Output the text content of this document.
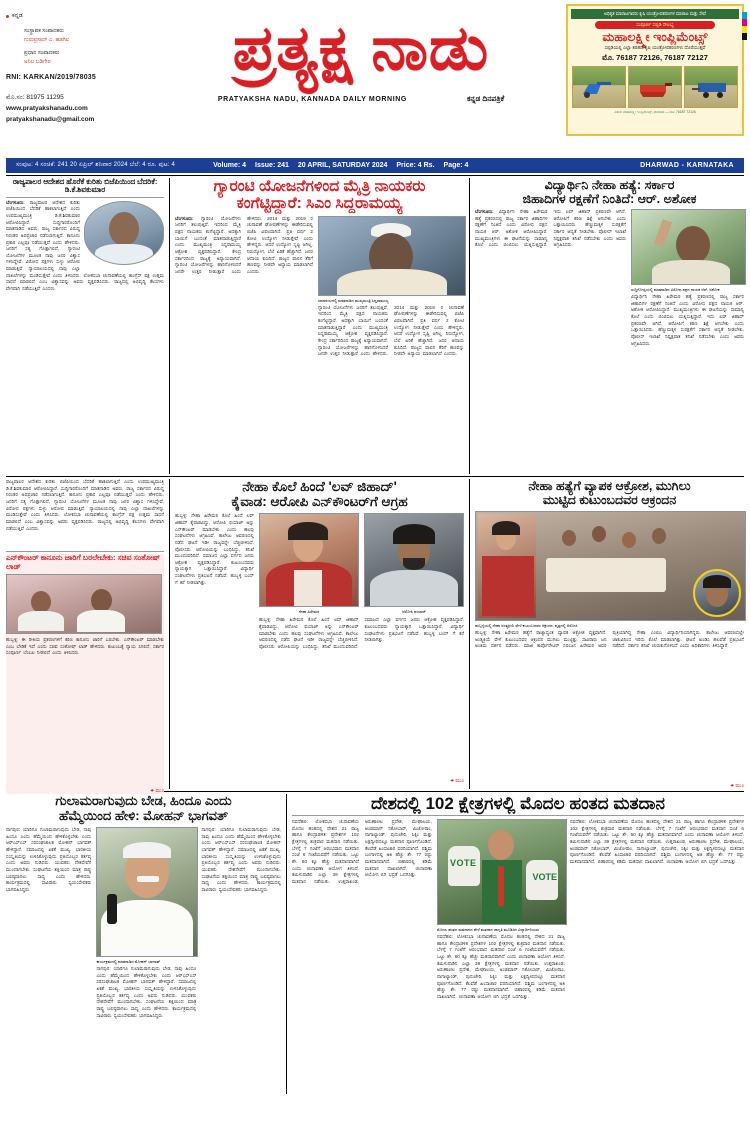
ಕನ್ನಡ
ಸಂಸ್ಥಾಪಕ ಸಂಪಾದಕರು
ಗುರುಪ್ರಸಾದ್ ಎ. ಹಡಗಿಲ
ಪ್ರಧಾನ ಸಂಪಾದಕರು
ಅನಿಲ ಬಡಿಗೇರ
RNI: KARKAN/2019/78035
ಮೊ.ಸಂ: 81975 11295
www.pratyakshanadu.com
pratyakshanadu@gmail.com
ಪ್ರತ್ಯಕ್ಷ ನಾಡು
PRATYAKSHA NADU, KANNADA DAILY MORNING	ಕನ್ನಡ ದಿನಪತ್ರಿಕೆ
ಅಧಿಕೃತ ಮಾರಾಟಗಾರರು ಕೃಷಿ ಯಂತ್ರೋಪಕರಣಗಳ ಮಾರಾಟ ಮತ್ತು ಸೇವೆ
ಸಂಪೂರ್ಣ ಸಬ್ಸಿಡಿ ಸೌಲಭ್ಯ
ಮಹಾಲಕ್ಷ್ಮೀ ಇಂಪ್ಲಿಮೆಂಟ್ಸ್
ಸಬ್ಸಿಡಿಯಲ್ಲಿ ಎಲ್ಲಾ ತರಹದ ಕೃಷಿ ಯಂತ್ರೋಪಕರಣಗಳು ದೊರೆಯುತ್ತವೆ
ಮೊ. 76187 72126, 76187 72127
ವಿಳಾಸ: ಮಹಾಲಕ್ಷ್ಮೀ ಇಂಪ್ಲಿಮೆಂಟ್ಸ್, ಧಾರವಾಡ — ಮೊ: 76187 72126
ಸಂಪುಟ: 4 ಸಂಚಿಕೆ: 241 20 ಏಪ್ರಿಲ್ ಶನಿವಾರ 2024 ಬೆಲೆ: 4 ರೂ. ಪುಟ: 4	Volume: 4 Issue: 241 20 APRIL, SATURDAY 2024 Price: 4 Rs. Page: 4	DHARWAD - KARNATAKA
ರಾಜ್ಯಪಾಲರ ಆದೇಶದ ಹೊರೆಕೆ ಕುರಿತು ಬಿಜೆಪಿಯಿಂದ ಬೆದರಿಕೆ: ಡಿ.ಕೆ.ಶಿವಕುಮಾರ
ಬೆಂಗಳೂರು: ರಾಜ್ಯಪಾಲರ ಆದೇಶದ ಕುರಿತು ಬಿಜೆಪಿಯಿಂದ ಬೆದರಿಕೆ ಹಾಕಲಾಗುತ್ತಿದೆ ಎಂದು ಉಪಮುಖ್ಯಮಂತ್ರಿ ಡಿ.ಕೆ.ಶಿವಕುಮಾರ ಆರೋಪಿಸಿದ್ದಾರೆ. ಸುದ್ದಿಗಾರರೊಂದಿಗೆ ಮಾತನಾಡಿದ ಅವರು, ರಾಜ್ಯ ಸರ್ಕಾರದ ವಿರುದ್ಧ ನಿರಂತರ ಅಪಪ್ರಚಾರ ನಡೆಸಲಾಗುತ್ತಿದೆ. ಕಾನೂನು ಪ್ರಕಾರ ಎಲ್ಲವೂ ನಡೆಯುತ್ತದೆ ಎಂದು ಹೇಳಿದರು. ಜನರಿಗೆ ಸತ್ಯ ಗೊತ್ತಾಗಲಿದೆ, ಗ್ಯಾರಂಟಿ ಯೋಜನೆಗಳ ಮೂಲಕ ನಾವು ಜನರ ವಿಶ್ವಾಸ ಗಳಿಸಿದ್ದೇವೆ. ವಿರೋಧ ಪಕ್ಷಗಳು ಸುಳ್ಳು ಆರೋಪ ಮಾಡುತ್ತಿವೆ. ನ್ಯಾಯಾಲಯದಲ್ಲಿ ನಾವು ಎಲ್ಲಾ ದಾಖಲೆಗಳನ್ನು ಮಂಡಿಸುತ್ತೇವೆ ಎಂದು ತಿಳಿಸಿದರು. ಲೋಕಸಭಾ ಚುನಾವಣೆಯಲ್ಲಿ ಕಾಂಗ್ರೆಸ್ ಪಕ್ಷ ಉತ್ತಮ ಸಾಧನೆ ಮಾಡಲಿದೆ ಎಂಬ ವಿಶ್ವಾಸವನ್ನು ಅವರು ವ್ಯಕ್ತಪಡಿಸಿದರು. ರಾಜ್ಯದಲ್ಲಿ ಅಭಿವೃದ್ಧಿ ಕೆಲಸಗಳು ವೇಗವಾಗಿ ನಡೆಯುತ್ತಿವೆ ಎಂದರು.
ಗ್ಯಾರಂಟಿ ಯೋಜನೆಗಳಿಂದ ಮೈತ್ರಿ ನಾಯಕರು
ಕಂಗೆಟ್ಟಿದ್ದಾರೆ: ಸಿಎಂ ಸಿದ್ದರಾಮಯ್ಯ
ಬೆಂಗಳೂರು: ಗ್ಯಾರಂಟಿ ಯೋಜನೆಗಳು ಜನರಿಗೆ ತಲುಪುತ್ತಿವೆ. ಇದರಿಂದ ಮೈತ್ರಿ ಪಕ್ಷದ ನಾಯಕರು ಕಂಗೆಟ್ಟಿದ್ದಾರೆ. ಅದಕ್ಕಾಗಿ ಬಾಯಿಗೆ ಬಂದಂತೆ ಮಾತನಾಡುತ್ತಿದ್ದಾರೆ ಎಂದು ಮುಖ್ಯಮಂತ್ರಿ ಸಿದ್ದರಾಮಯ್ಯ ಆಕ್ರೋಶ ವ್ಯಕ್ತಪಡಿಸಿದ್ದಾರೆ. ಕೇಂದ್ರ ಸರ್ಕಾರದಿಂದ ರಾಜ್ಯಕ್ಕೆ ಅನ್ಯಾಯವಾಗಿದೆ. ಗ್ಯಾರಂಟಿ ಯೋಜನೆಗಳನ್ನು ಹಾನಿಗೊಳಿಸಿದರೆ ಜನರೇ ಉತ್ತರ ನೀಡುತ್ತಾರೆ ಎಂದು ಹೇಳಿದರು. 2014 ಮತ್ತು 2019 ರ ಚುನಾವಣೆ ಘೋಷಣೆಗಳನ್ನು ಈಡೇರಿಸುವಲ್ಲಿ ಬಿಜೆಪಿ ವಿಫಲವಾಗಿದೆ. ಪ್ರತಿ ವರ್ಷ 2 ಕೋಟಿ ಉದ್ಯೋಗ ನೀಡುತ್ತೇವೆ ಎಂದು ಹೇಳಿದ್ದರು. ಆದರೆ ಉದ್ಯೋಗ ಸೃಷ್ಟಿ ಆಗಿಲ್ಲ. ನಿರುದ್ಯೋಗ, ಬೆಲೆ ಏರಿಕೆ ಹೆಚ್ಚಾಗಿದೆ. ಜನರ ಆದಾಯ ಕುಸಿದಿದೆ. ರಾಜ್ಯದ ಪಾಲಿನ ತೆರಿಗೆ ಹಣವನ್ನು ನೀಡದೇ ಅನ್ಯಾಯ ಮಾಡಲಾಗಿದೆ ಎಂದರು.
ಸಮಾರಂಭದಲ್ಲಿ ಮಾತನಾಡಿದ ಮುಖ್ಯಮಂತ್ರಿ ಸಿದ್ದರಾಮಯ್ಯ
ಗ್ಯಾರಂಟಿ ಯೋಜನೆಗಳು ಜನರಿಗೆ ತಲುಪುತ್ತಿವೆ. ಇದರಿಂದ ಮೈತ್ರಿ ಪಕ್ಷದ ನಾಯಕರು ಕಂಗೆಟ್ಟಿದ್ದಾರೆ. ಅದಕ್ಕಾಗಿ ಬಾಯಿಗೆ ಬಂದಂತೆ ಮಾತನಾಡುತ್ತಿದ್ದಾರೆ ಎಂದು ಮುಖ್ಯಮಂತ್ರಿ ಸಿದ್ದರಾಮಯ್ಯ ಆಕ್ರೋಶ ವ್ಯಕ್ತಪಡಿಸಿದ್ದಾರೆ. ಕೇಂದ್ರ ಸರ್ಕಾರದಿಂದ ರಾಜ್ಯಕ್ಕೆ ಅನ್ಯಾಯವಾಗಿದೆ. ಗ್ಯಾರಂಟಿ ಯೋಜನೆಗಳನ್ನು ಹಾನಿಗೊಳಿಸಿದರೆ ಜನರೇ ಉತ್ತರ ನೀಡುತ್ತಾರೆ ಎಂದು ಹೇಳಿದರು. 2014 ಮತ್ತು 2019 ರ ಚುನಾವಣೆ ಘೋಷಣೆಗಳನ್ನು ಈಡೇರಿಸುವಲ್ಲಿ ಬಿಜೆಪಿ ವಿಫಲವಾಗಿದೆ. ಪ್ರತಿ ವರ್ಷ 2 ಕೋಟಿ ಉದ್ಯೋಗ ನೀಡುತ್ತೇವೆ ಎಂದು ಹೇಳಿದ್ದರು. ಆದರೆ ಉದ್ಯೋಗ ಸೃಷ್ಟಿ ಆಗಿಲ್ಲ. ನಿರುದ್ಯೋಗ, ಬೆಲೆ ಏರಿಕೆ ಹೆಚ್ಚಾಗಿದೆ. ಜನರ ಆದಾಯ ಕುಸಿದಿದೆ. ರಾಜ್ಯದ ಪಾಲಿನ ತೆರಿಗೆ ಹಣವನ್ನು ನೀಡದೇ ಅನ್ಯಾಯ ಮಾಡಲಾಗಿದೆ ಎಂದರು.
ವಿದ್ಯಾರ್ಥಿನಿ ನೇಹಾ ಹತ್ಯೆ: ಸರ್ಕಾರ
ಜಿಹಾದಿಗಳ ರಕ್ಷಣೆಗೆ ನಿಂತಿದೆ: ಆರ್. ಅಶೋಕ
ಬೆಂಗಳೂರು: ವಿದ್ಯಾರ್ಥಿನಿ ನೇಹಾ ಹಿರೇಮಠ ಹತ್ಯೆ ಪ್ರಕರಣದಲ್ಲಿ ರಾಜ್ಯ ಸರ್ಕಾರ ಜಿಹಾದಿಗಳ ರಕ್ಷಣೆಗೆ ನಿಂತಿದೆ ಎಂದು ವಿರೋಧ ಪಕ್ಷದ ನಾಯಕ ಆರ್. ಅಶೋಕ ಆರೋಪಿಸಿದ್ದಾರೆ. ಮುಖ್ಯಮಂತ್ರಿಗಳು ಈ ಘಟನೆಯನ್ನು ಸಾಮಾನ್ಯ ಕೊಲೆ ಎಂದು ಬಿಂಬಿಸಲು ಯತ್ನಿಸುತ್ತಿದ್ದಾರೆ. ಇದು ಲವ್ ಜಿಹಾದ್ ಪ್ರಕರಣವೇ ಆಗಿದೆ. ಆರೋಪಿಗೆ ಕಠಿಣ ಶಿಕ್ಷೆ ಆಗಬೇಕು ಎಂದು ಒತ್ತಾಯಿಸಿದರು. ಹೆಣ್ಣುಮಕ್ಕಳ ಸುರಕ್ಷತೆಗೆ ಸರ್ಕಾರ ಆದ್ಯತೆ ನೀಡಬೇಕು. ಪೊಲೀಸ್ ಇಲಾಖೆ ನಿಷ್ಪಕ್ಷಪಾತ ತನಿಖೆ ನಡೆಸಬೇಕು ಎಂದು ಅವರು ಆಗ್ರಹಿಸಿದರು.
ಸುದ್ದಿಗೋಷ್ಠಿಯಲ್ಲಿ ಮಾತನಾಡಿದ ವಿರೋಧ ಪಕ್ಷದ ನಾಯಕ ಆರ್. ಅಶೋಕ
ವಿದ್ಯಾರ್ಥಿನಿ ನೇಹಾ ಹಿರೇಮಠ ಹತ್ಯೆ ಪ್ರಕರಣದಲ್ಲಿ ರಾಜ್ಯ ಸರ್ಕಾರ ಜಿಹಾದಿಗಳ ರಕ್ಷಣೆಗೆ ನಿಂತಿದೆ ಎಂದು ವಿರೋಧ ಪಕ್ಷದ ನಾಯಕ ಆರ್. ಅಶೋಕ ಆರೋಪಿಸಿದ್ದಾರೆ. ಮುಖ್ಯಮಂತ್ರಿಗಳು ಈ ಘಟನೆಯನ್ನು ಸಾಮಾನ್ಯ ಕೊಲೆ ಎಂದು ಬಿಂಬಿಸಲು ಯತ್ನಿಸುತ್ತಿದ್ದಾರೆ. ಇದು ಲವ್ ಜಿಹಾದ್ ಪ್ರಕರಣವೇ ಆಗಿದೆ. ಆರೋಪಿಗೆ ಕಠಿಣ ಶಿಕ್ಷೆ ಆಗಬೇಕು ಎಂದು ಒತ್ತಾಯಿಸಿದರು. ಹೆಣ್ಣುಮಕ್ಕಳ ಸುರಕ್ಷತೆಗೆ ಸರ್ಕಾರ ಆದ್ಯತೆ ನೀಡಬೇಕು. ಪೊಲೀಸ್ ಇಲಾಖೆ ನಿಷ್ಪಕ್ಷಪಾತ ತನಿಖೆ ನಡೆಸಬೇಕು ಎಂದು ಅವರು ಆಗ್ರಹಿಸಿದರು.
ರಾಜ್ಯಪಾಲರ ಆದೇಶದ ಕುರಿತು ಬಿಜೆಪಿಯಿಂದ ಬೆದರಿಕೆ ಹಾಕಲಾಗುತ್ತಿದೆ ಎಂದು ಉಪಮುಖ್ಯಮಂತ್ರಿ ಡಿ.ಕೆ.ಶಿವಕುಮಾರ ಆರೋಪಿಸಿದ್ದಾರೆ. ಸುದ್ದಿಗಾರರೊಂದಿಗೆ ಮಾತನಾಡಿದ ಅವರು, ರಾಜ್ಯ ಸರ್ಕಾರದ ವಿರುದ್ಧ ನಿರಂತರ ಅಪಪ್ರಚಾರ ನಡೆಸಲಾಗುತ್ತಿದೆ. ಕಾನೂನು ಪ್ರಕಾರ ಎಲ್ಲವೂ ನಡೆಯುತ್ತದೆ ಎಂದು ಹೇಳಿದರು. ಜನರಿಗೆ ಸತ್ಯ ಗೊತ್ತಾಗಲಿದೆ, ಗ್ಯಾರಂಟಿ ಯೋಜನೆಗಳ ಮೂಲಕ ನಾವು ಜನರ ವಿಶ್ವಾಸ ಗಳಿಸಿದ್ದೇವೆ. ವಿರೋಧ ಪಕ್ಷಗಳು ಸುಳ್ಳು ಆರೋಪ ಮಾಡುತ್ತಿವೆ. ನ್ಯಾಯಾಲಯದಲ್ಲಿ ನಾವು ಎಲ್ಲಾ ದಾಖಲೆಗಳನ್ನು ಮಂಡಿಸುತ್ತೇವೆ ಎಂದು ತಿಳಿಸಿದರು. ಲೋಕಸಭಾ ಚುನಾವಣೆಯಲ್ಲಿ ಕಾಂಗ್ರೆಸ್ ಪಕ್ಷ ಉತ್ತಮ ಸಾಧನೆ ಮಾಡಲಿದೆ ಎಂಬ ವಿಶ್ವಾಸವನ್ನು ಅವರು ವ್ಯಕ್ತಪಡಿಸಿದರು. ರಾಜ್ಯದಲ್ಲಿ ಅಭಿವೃದ್ಧಿ ಕೆಲಸಗಳು ವೇಗವಾಗಿ ನಡೆಯುತ್ತಿವೆ ಎಂದರು.
ಎನ್‌ಕೌಂಟರ್ ಕಾನೂನು ಜಾರಿಗೆ ಬರಲೇಬೇಕು: ಸಚಿವ ಸಂತೋಷ್ ಲಾಡ್
ಹುಬ್ಬಳ್ಳಿ: ಈ ರೀತಿಯ ಪ್ರಕರಣಗಳಿಗೆ ಕಠಿಣ ಕಾನೂನು ಜಾರಿಗೆ ಬರಬೇಕು. ಎನ್‌ಕೌಂಟರ್ ಮಾಡಬೇಕು ಎಂಬ ಬೇಡಿಕೆ ಇದೆ ಎಂದು ಸಚಿವ ಸಂತೋಷ್ ಲಾಡ್ ಹೇಳಿದರು. ಕುಟುಂಬಕ್ಕೆ ನ್ಯಾಯ ಸಿಗಲಿದೆ, ಸರ್ಕಾರ ಸಂಪೂರ್ಣ ಬೆಂಬಲ ನೀಡಲಿದೆ ಎಂದು ತಿಳಿಸಿದರು.
✦ ಮುಂ
ನೇಹಾ ಕೊಲೆ ಹಿಂದೆ 'ಲವ್ ಜಿಹಾದ್'
ಕೈವಾಡ: ಆರೋಪಿ ಎನ್‌ಕೌಂಟರ್‌ಗೆ ಆಗ್ರಹ
ಹುಬ್ಬಳ್ಳಿ: ನೇಹಾ ಹಿರೇಮಠ ಕೊಲೆ ಹಿಂದೆ ಲವ್ ಜಿಹಾದ್ ಕೈವಾಡವಿದ್ದು, ಆರೋಪಿ ಫಯಾಜ್ ಅನ್ನು ಎನ್‌ಕೌಂಟರ್ ಮಾಡಬೇಕು ಎಂದು ಹಲವು ಸಂಘಟನೆಗಳು ಆಗ್ರಹಿಸಿವೆ. ಕಾಲೇಜು ಆವರಣದಲ್ಲಿ ನಡೆದ ಘಟನೆ ಇಡೀ ರಾಜ್ಯವನ್ನೇ ಬೆಚ್ಚಿಬೀಳಿಸಿದೆ. ಪೊಲೀಸರು ಆರೋಪಿಯನ್ನು ಬಂಧಿಸಿದ್ದು, ತನಿಖೆ ಮುಂದುವರಿದಿದೆ. ಸಮಾಜದ ಎಲ್ಲಾ ವರ್ಗದ ಜನರು ಆಕ್ರೋಶ ವ್ಯಕ್ತಪಡಿಸಿದ್ದಾರೆ. ಕುಟುಂಬದವರು ನ್ಯಾಯಕ್ಕಾಗಿ ಒತ್ತಾಯಿಸಿದ್ದಾರೆ. ವಿದ್ಯಾರ್ಥಿ ಸಂಘಟನೆಗಳು ಪ್ರತಿಭಟನೆ ನಡೆಸಿವೆ. ಹುಬ್ಬಳ್ಳಿ ಬಂದ್ ಗೆ ಕರೆ ನೀಡಲಾಗಿತ್ತು.
ನೇಹಾ ಹಿರೇಮಠ	ಆರೋಪಿ ಫಯಾಜ್
ಹುಬ್ಬಳ್ಳಿ: ನೇಹಾ ಹಿರೇಮಠ ಕೊಲೆ ಹಿಂದೆ ಲವ್ ಜಿಹಾದ್ ಕೈವಾಡವಿದ್ದು, ಆರೋಪಿ ಫಯಾಜ್ ಅನ್ನು ಎನ್‌ಕೌಂಟರ್ ಮಾಡಬೇಕು ಎಂದು ಹಲವು ಸಂಘಟನೆಗಳು ಆಗ್ರಹಿಸಿವೆ. ಕಾಲೇಜು ಆವರಣದಲ್ಲಿ ನಡೆದ ಘಟನೆ ಇಡೀ ರಾಜ್ಯವನ್ನೇ ಬೆಚ್ಚಿಬೀಳಿಸಿದೆ. ಪೊಲೀಸರು ಆರೋಪಿಯನ್ನು ಬಂಧಿಸಿದ್ದು, ತನಿಖೆ ಮುಂದುವರಿದಿದೆ. ಸಮಾಜದ ಎಲ್ಲಾ ವರ್ಗದ ಜನರು ಆಕ್ರೋಶ ವ್ಯಕ್ತಪಡಿಸಿದ್ದಾರೆ. ಕುಟುಂಬದವರು ನ್ಯಾಯಕ್ಕಾಗಿ ಒತ್ತಾಯಿಸಿದ್ದಾರೆ. ವಿದ್ಯಾರ್ಥಿ ಸಂಘಟನೆಗಳು ಪ್ರತಿಭಟನೆ ನಡೆಸಿವೆ. ಹುಬ್ಬಳ್ಳಿ ಬಂದ್ ಗೆ ಕರೆ ನೀಡಲಾಗಿತ್ತು.
✦ ಮುಂ
ನೇಹಾ ಹತ್ಯೆಗೆ ವ್ಯಾಪಕ ಆಕ್ರೋಶ, ಮುಗಿಲು
ಮುಟ್ಟಿದ ಕುಟುಂಬದವರ ಆಕ್ರಂದನ
ಹುಬ್ಬಳ್ಳಿಯಲ್ಲಿ ನೇಹಾ ಅಂತ್ಯಕ್ರಿಯೆ ವೇಳೆ ಕುಟುಂಬದವರ ಆಕ್ರಂದನ, ವೃತ್ತದಲ್ಲಿ ಆರೋಪಿ
ಹುಬ್ಬಳ್ಳಿ: ನೇಹಾ ಹಿರೇಮಠ ಹತ್ಯೆಗೆ ರಾಜ್ಯಾದ್ಯಂತ ವ್ಯಾಪಕ ಆಕ್ರೋಶ ವ್ಯಕ್ತವಾಗಿದೆ. ಅಂತ್ಯಕ್ರಿಯೆ ವೇಳೆ ಕುಟುಂಬದವರ ಆಕ್ರಂದನ ಮುಗಿಲು ಮುಟ್ಟಿತ್ತು. ಸಾವಿರಾರು ಜನ ಅಂತಿಮ ದರ್ಶನ ಪಡೆದರು. ಮಾಜಿ ಕಾರ್ಪೊರೇಟರ್ ನಿರಂಜನ ಹಿರೇಮಠ ಅವರ ಪುತ್ರಿಯಾಗಿದ್ದ ನೇಹಾ ಎಂಬಿಎ ವಿದ್ಯಾರ್ಥಿನಿಯಾಗಿದ್ದರು. ಕಾಲೇಜು ಆವರಣದಲ್ಲೇ ಚಾಕುವಿನಿಂದ ಇರಿದು ಕೊಲೆ ಮಾಡಲಾಗಿತ್ತು. ಘಟನೆ ಖಂಡಿಸಿ ಹಲವೆಡೆ ಪ್ರತಿಭಟನೆ ನಡೆದಿದೆ. ಸರ್ಕಾರ ತನಿಖೆ ಚುರುಕುಗೊಳಿಸಿದೆ ಎಂದು ಅಧಿಕಾರಿಗಳು ತಿಳಿಸಿದ್ದಾರೆ.
✦ ಮುಂ
ಗುಲಾಮರಾಗುವುದು ಬೇಡ, ಹಿಂದೂ ಎಂದು
ಹೆಮ್ಮೆಯಿಂದ ಹೇಳಿ: ಮೋಹನ್ ಭಾಗವತ್
ನಾಗಪುರ: ಯಾರಿಗೂ ಗುಲಾಮರಾಗುವುದು ಬೇಡ, ನಾವು ಹಿಂದೂ ಎಂದು ಹೆಮ್ಮೆಯಿಂದ ಹೇಳಿಕೊಳ್ಳಬೇಕು ಎಂದು ಆರ್‌ಎಸ್‌ಎಸ್ ಸರಸಂಘಚಾಲಕ ಮೋಹನ್ ಭಾಗವತ್ ಹೇಳಿದ್ದಾರೆ. ಸಮಾಜದಲ್ಲಿ ಏಕತೆ ಮುಖ್ಯ. ಭಾರತೀಯ ಸಂಸ್ಕೃತಿಯನ್ನು ಉಳಿಸಿಕೊಳ್ಳುವುದು ಪ್ರತಿಯೊಬ್ಬರ ಕರ್ತವ್ಯ ಎಂದು ಅವರು ನುಡಿದರು. ಯುವಕರು ದೇಶಸೇವೆಗೆ ಮುಂದಾಗಬೇಕು. ಸಂಘಟನೆಯ ಶಕ್ತಿಯಿಂದ ಮಾತ್ರ ರಾಷ್ಟ್ರ ಬಲಿಷ್ಠವಾಗಲು ಸಾಧ್ಯ ಎಂದು ಹೇಳಿದರು. ಕಾರ್ಯಕ್ರಮದಲ್ಲಿ ಸಾವಿರಾರು ಸ್ವಯಂಸೇವಕರು ಭಾಗವಹಿಸಿದ್ದರು.
ಕಾರ್ಯಕ್ರಮದಲ್ಲಿ ಮಾತನಾಡಿದ ಮೋಹನ್ ಭಾಗವತ್
ನಾಗಪುರ: ಯಾರಿಗೂ ಗುಲಾಮರಾಗುವುದು ಬೇಡ, ನಾವು ಹಿಂದೂ ಎಂದು ಹೆಮ್ಮೆಯಿಂದ ಹೇಳಿಕೊಳ್ಳಬೇಕು ಎಂದು ಆರ್‌ಎಸ್‌ಎಸ್ ಸರಸಂಘಚಾಲಕ ಮೋಹನ್ ಭಾಗವತ್ ಹೇಳಿದ್ದಾರೆ. ಸಮಾಜದಲ್ಲಿ ಏಕತೆ ಮುಖ್ಯ. ಭಾರತೀಯ ಸಂಸ್ಕೃತಿಯನ್ನು ಉಳಿಸಿಕೊಳ್ಳುವುದು ಪ್ರತಿಯೊಬ್ಬರ ಕರ್ತವ್ಯ ಎಂದು ಅವರು ನುಡಿದರು. ಯುವಕರು ದೇಶಸೇವೆಗೆ ಮುಂದಾಗಬೇಕು. ಸಂಘಟನೆಯ ಶಕ್ತಿಯಿಂದ ಮಾತ್ರ ರಾಷ್ಟ್ರ ಬಲಿಷ್ಠವಾಗಲು ಸಾಧ್ಯ ಎಂದು ಹೇಳಿದರು. ಕಾರ್ಯಕ್ರಮದಲ್ಲಿ ಸಾವಿರಾರು ಸ್ವಯಂಸೇವಕರು ಭಾಗವಹಿಸಿದ್ದರು.
ನಾಗಪುರ: ಯಾರಿಗೂ ಗುಲಾಮರಾಗುವುದು ಬೇಡ, ನಾವು ಹಿಂದೂ ಎಂದು ಹೆಮ್ಮೆಯಿಂದ ಹೇಳಿಕೊಳ್ಳಬೇಕು ಎಂದು ಆರ್‌ಎಸ್‌ಎಸ್ ಸರಸಂಘಚಾಲಕ ಮೋಹನ್ ಭಾಗವತ್ ಹೇಳಿದ್ದಾರೆ. ಸಮಾಜದಲ್ಲಿ ಏಕತೆ ಮುಖ್ಯ. ಭಾರತೀಯ ಸಂಸ್ಕೃತಿಯನ್ನು ಉಳಿಸಿಕೊಳ್ಳುವುದು ಪ್ರತಿಯೊಬ್ಬರ ಕರ್ತವ್ಯ ಎಂದು ಅವರು ನುಡಿದರು. ಯುವಕರು ದೇಶಸೇವೆಗೆ ಮುಂದಾಗಬೇಕು. ಸಂಘಟನೆಯ ಶಕ್ತಿಯಿಂದ ಮಾತ್ರ ರಾಷ್ಟ್ರ ಬಲಿಷ್ಠವಾಗಲು ಸಾಧ್ಯ ಎಂದು ಹೇಳಿದರು. ಕಾರ್ಯಕ್ರಮದಲ್ಲಿ ಸಾವಿರಾರು ಸ್ವಯಂಸೇವಕರು ಭಾಗವಹಿಸಿದ್ದರು.
ದೇಶದಲ್ಲಿ 102 ಕ್ಷೇತ್ರಗಳಲ್ಲಿ ಮೊದಲ ಹಂತದ ಮತದಾನ
ನವದೆಹಲಿ: ಲೋಕಸಭಾ ಚುನಾವಣೆಯ ಮೊದಲ ಹಂತದಲ್ಲಿ ದೇಶದ 21 ರಾಜ್ಯ ಹಾಗೂ ಕೇಂದ್ರಾಡಳಿತ ಪ್ರದೇಶಗಳ 102 ಕ್ಷೇತ್ರಗಳಲ್ಲಿ ಶುಕ್ರವಾರ ಮತದಾನ ನಡೆಯಿತು. ಬೆಳಗ್ಗೆ 7 ಗಂಟೆಗೆ ಆರಂಭವಾದ ಮತದಾನ ಸಂಜೆ 6 ಗಂಟೆಯವರೆಗೆ ನಡೆಯಿತು. ಒಟ್ಟು ಶೇ. 60 ಕ್ಕೂ ಹೆಚ್ಚು ಮತದಾನವಾಗಿದೆ ಎಂದು ಚುನಾವಣಾ ಆಯೋಗ ತಿಳಿಸಿದೆ. ತಮಿಳುನಾಡಿನ ಎಲ್ಲಾ 39 ಕ್ಷೇತ್ರಗಳಲ್ಲಿ ಮತದಾನ ನಡೆಯಿತು. ಉತ್ತರಾಖಂಡ, ಅರುಣಾಚಲ ಪ್ರದೇಶ, ಮೇಘಾಲಯ, ಅಂಡಮಾನ್ ನಿಕೋಬಾರ್, ಮಿಜೋರಾಂ, ನಾಗಾಲ್ಯಾಂಡ್, ಪುದುಚೇರಿ, ಸಿಕ್ಕಿಂ ಮತ್ತು ಲಕ್ಷದ್ವೀಪದಲ್ಲೂ ಮತದಾನ ಪೂರ್ಣಗೊಂಡಿದೆ. ಕೆಲವೆಡೆ ಹಿಂಸಾಚಾರ ವರದಿಯಾಗಿದೆ. ಪಶ್ಚಿಮ ಬಂಗಾಳದಲ್ಲಿ ಅತಿ ಹೆಚ್ಚು ಶೇ. 77 ರಷ್ಟು ಮತದಾನವಾಗಿದೆ. ಬಿಹಾರದಲ್ಲಿ ಕಡಿಮೆ ಮತದಾನ ದಾಖಲಾಗಿದೆ. ಚುನಾವಣಾ ಆಯೋಗ ಬಿಗಿ ಭದ್ರತೆ ಒದಗಿಸಿತ್ತು.
VOTE
VOTE
ಮೊದಲ ಹಂತದ ಮತದಾನದ ವೇಳೆ ಮತದಾನ ಜಾಗೃತಿ ಮೂಡಿಸಿದ ವಿದ್ಯಾರ್ಥಿನಿಯರು
ನವದೆಹಲಿ: ಲೋಕಸಭಾ ಚುನಾವಣೆಯ ಮೊದಲ ಹಂತದಲ್ಲಿ ದೇಶದ 21 ರಾಜ್ಯ ಹಾಗೂ ಕೇಂದ್ರಾಡಳಿತ ಪ್ರದೇಶಗಳ 102 ಕ್ಷೇತ್ರಗಳಲ್ಲಿ ಶುಕ್ರವಾರ ಮತದಾನ ನಡೆಯಿತು. ಬೆಳಗ್ಗೆ 7 ಗಂಟೆಗೆ ಆರಂಭವಾದ ಮತದಾನ ಸಂಜೆ 6 ಗಂಟೆಯವರೆಗೆ ನಡೆಯಿತು. ಒಟ್ಟು ಶೇ. 60 ಕ್ಕೂ ಹೆಚ್ಚು ಮತದಾನವಾಗಿದೆ ಎಂದು ಚುನಾವಣಾ ಆಯೋಗ ತಿಳಿಸಿದೆ. ತಮಿಳುನಾಡಿನ ಎಲ್ಲಾ 39 ಕ್ಷೇತ್ರಗಳಲ್ಲಿ ಮತದಾನ ನಡೆಯಿತು. ಉತ್ತರಾಖಂಡ, ಅರುಣಾಚಲ ಪ್ರದೇಶ, ಮೇಘಾಲಯ, ಅಂಡಮಾನ್ ನಿಕೋಬಾರ್, ಮಿಜೋರಾಂ, ನಾಗಾಲ್ಯಾಂಡ್, ಪುದುಚೇರಿ, ಸಿಕ್ಕಿಂ ಮತ್ತು ಲಕ್ಷದ್ವೀಪದಲ್ಲೂ ಮತದಾನ ಪೂರ್ಣಗೊಂಡಿದೆ. ಕೆಲವೆಡೆ ಹಿಂಸಾಚಾರ ವರದಿಯಾಗಿದೆ. ಪಶ್ಚಿಮ ಬಂಗಾಳದಲ್ಲಿ ಅತಿ ಹೆಚ್ಚು ಶೇ. 77 ರಷ್ಟು ಮತದಾನವಾಗಿದೆ. ಬಿಹಾರದಲ್ಲಿ ಕಡಿಮೆ ಮತದಾನ ದಾಖಲಾಗಿದೆ. ಚುನಾವಣಾ ಆಯೋಗ ಬಿಗಿ ಭದ್ರತೆ ಒದಗಿಸಿತ್ತು.
ನವದೆಹಲಿ: ಲೋಕಸಭಾ ಚುನಾವಣೆಯ ಮೊದಲ ಹಂತದಲ್ಲಿ ದೇಶದ 21 ರಾಜ್ಯ ಹಾಗೂ ಕೇಂದ್ರಾಡಳಿತ ಪ್ರದೇಶಗಳ 102 ಕ್ಷೇತ್ರಗಳಲ್ಲಿ ಶುಕ್ರವಾರ ಮತದಾನ ನಡೆಯಿತು. ಬೆಳಗ್ಗೆ 7 ಗಂಟೆಗೆ ಆರಂಭವಾದ ಮತದಾನ ಸಂಜೆ 6 ಗಂಟೆಯವರೆಗೆ ನಡೆಯಿತು. ಒಟ್ಟು ಶೇ. 60 ಕ್ಕೂ ಹೆಚ್ಚು ಮತದಾನವಾಗಿದೆ ಎಂದು ಚುನಾವಣಾ ಆಯೋಗ ತಿಳಿಸಿದೆ. ತಮಿಳುನಾಡಿನ ಎಲ್ಲಾ 39 ಕ್ಷೇತ್ರಗಳಲ್ಲಿ ಮತದಾನ ನಡೆಯಿತು. ಉತ್ತರಾಖಂಡ, ಅರುಣಾಚಲ ಪ್ರದೇಶ, ಮೇಘಾಲಯ, ಅಂಡಮಾನ್ ನಿಕೋಬಾರ್, ಮಿಜೋರಾಂ, ನಾಗಾಲ್ಯಾಂಡ್, ಪುದುಚೇರಿ, ಸಿಕ್ಕಿಂ ಮತ್ತು ಲಕ್ಷದ್ವೀಪದಲ್ಲೂ ಮತದಾನ ಪೂರ್ಣಗೊಂಡಿದೆ. ಕೆಲವೆಡೆ ಹಿಂಸಾಚಾರ ವರದಿಯಾಗಿದೆ. ಪಶ್ಚಿಮ ಬಂಗಾಳದಲ್ಲಿ ಅತಿ ಹೆಚ್ಚು ಶೇ. 77 ರಷ್ಟು ಮತದಾನವಾಗಿದೆ. ಬಿಹಾರದಲ್ಲಿ ಕಡಿಮೆ ಮತದಾನ ದಾಖಲಾಗಿದೆ. ಚುನಾವಣಾ ಆಯೋಗ ಬಿಗಿ ಭದ್ರತೆ ಒದಗಿಸಿತ್ತು.
